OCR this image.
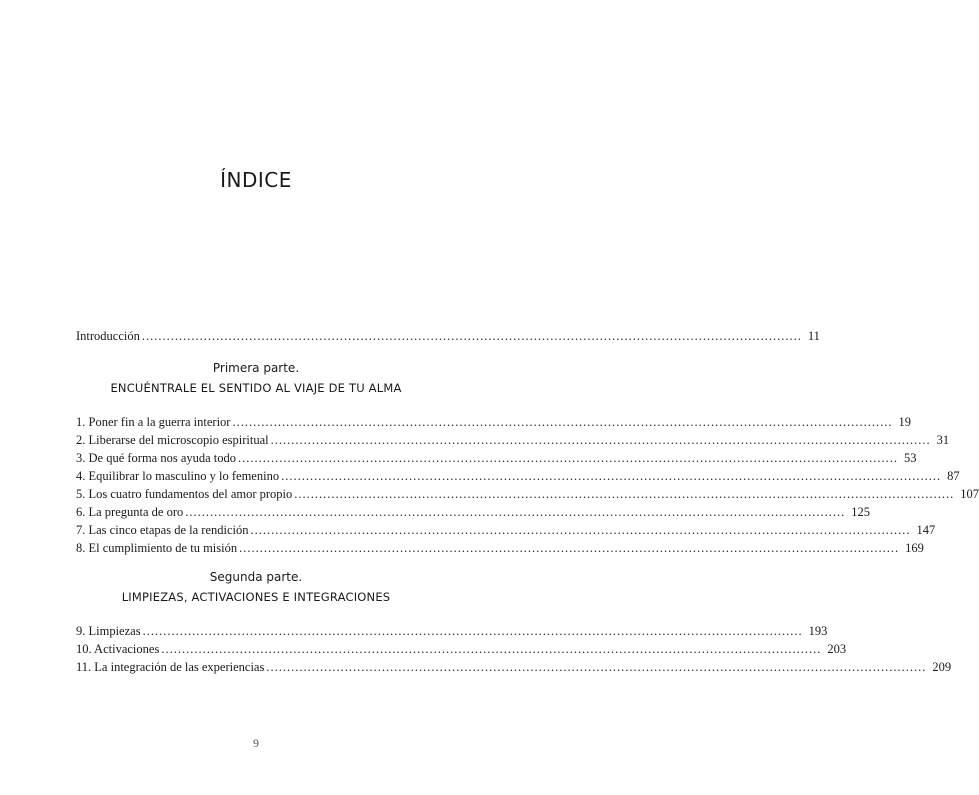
ÍNDICE
Introducción ................................................................................................................................................................ 11
Primera parte.
ENCUÉNTRALE EL SENTIDO AL VIAJE DE TU ALMA
1. Poner fin a la guerra interior ................................................................................................................................................................ 19
2. Liberarse del microscopio espiritual ................................................................................................................................................................ 31
3. De qué forma nos ayuda todo ................................................................................................................................................................ 53
4. Equilibrar lo masculino y lo femenino ................................................................................................................................................................ 87
5. Los cuatro fundamentos del amor propio ................................................................................................................................................................ 107
6. La pregunta de oro ................................................................................................................................................................ 125
7. Las cinco etapas de la rendición ................................................................................................................................................................ 147
8. El cumplimiento de tu misión ................................................................................................................................................................ 169
Segunda parte.
LIMPIEZAS, ACTIVACIONES E INTEGRACIONES
9. Limpiezas ................................................................................................................................................................ 193
10. Activaciones ................................................................................................................................................................ 203
11. La integración de las experiencias ................................................................................................................................................................ 209
9
